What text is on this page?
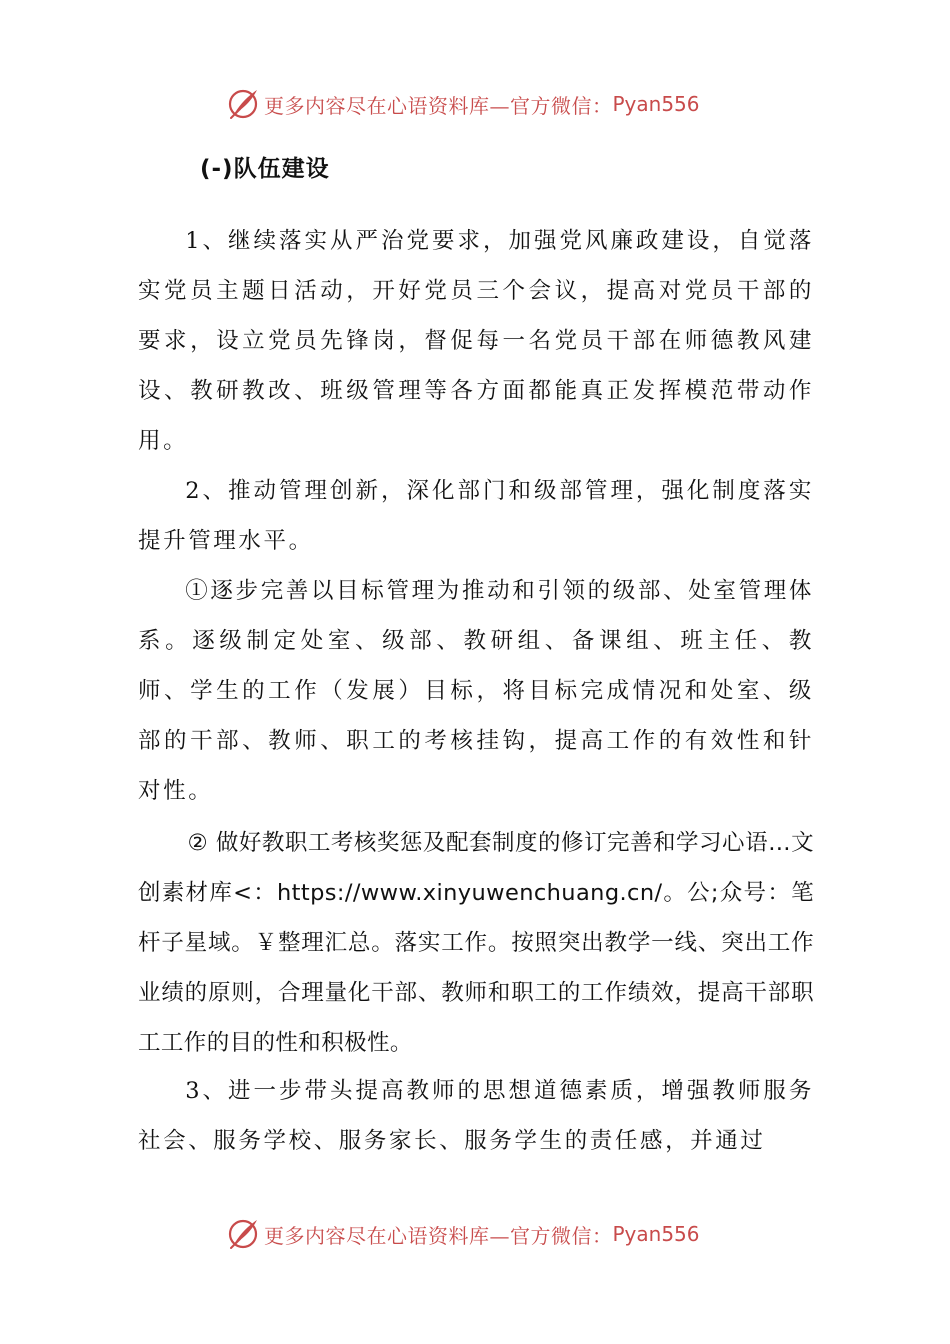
更多内容尽在心语资料库—官方微信： Pyan556
(-)队伍建设

1、继续落实从严治党要求，加强党风廉政建设，自觉落实党员主题日活动，开好党员三个会议，提高对党员干部的要求，设立党员先锋岗，督促每一名党员干部在师德教风建设、教研教改、班级管理等各方面都能真正发挥模范带动作用。

2、推动管理创新，深化部门和级部管理，强化制度落实提升管理水平。

①逐步完善以目标管理为推动和引领的级部、处室管理体系。逐级制定处室、级部、教研组、备课组、班主任、教师、学生的工作（发展）目标，将目标完成情况和处室、级部的干部、教师、职工的考核挂钩，提高工作的有效性和针对性。

② 做好教职工考核奖惩及配套制度的修订完善和学习心语…文创素材库<：https://www.xinyuwenchuang.cn/。公;众号：笔杆子星域。￥整理汇总。落实工作。按照突出教学一线、突出工作业绩的原则，合理量化干部、教师和职工的工作绩效，提高干部职工工作的目的性和积极性。

3、进一步带头提高教师的思想道德素质，增强教师服务社会、服务学校、服务家长、服务学生的责任感，并通过

更多内容尽在心语资料库—官方微信： Pyan556
